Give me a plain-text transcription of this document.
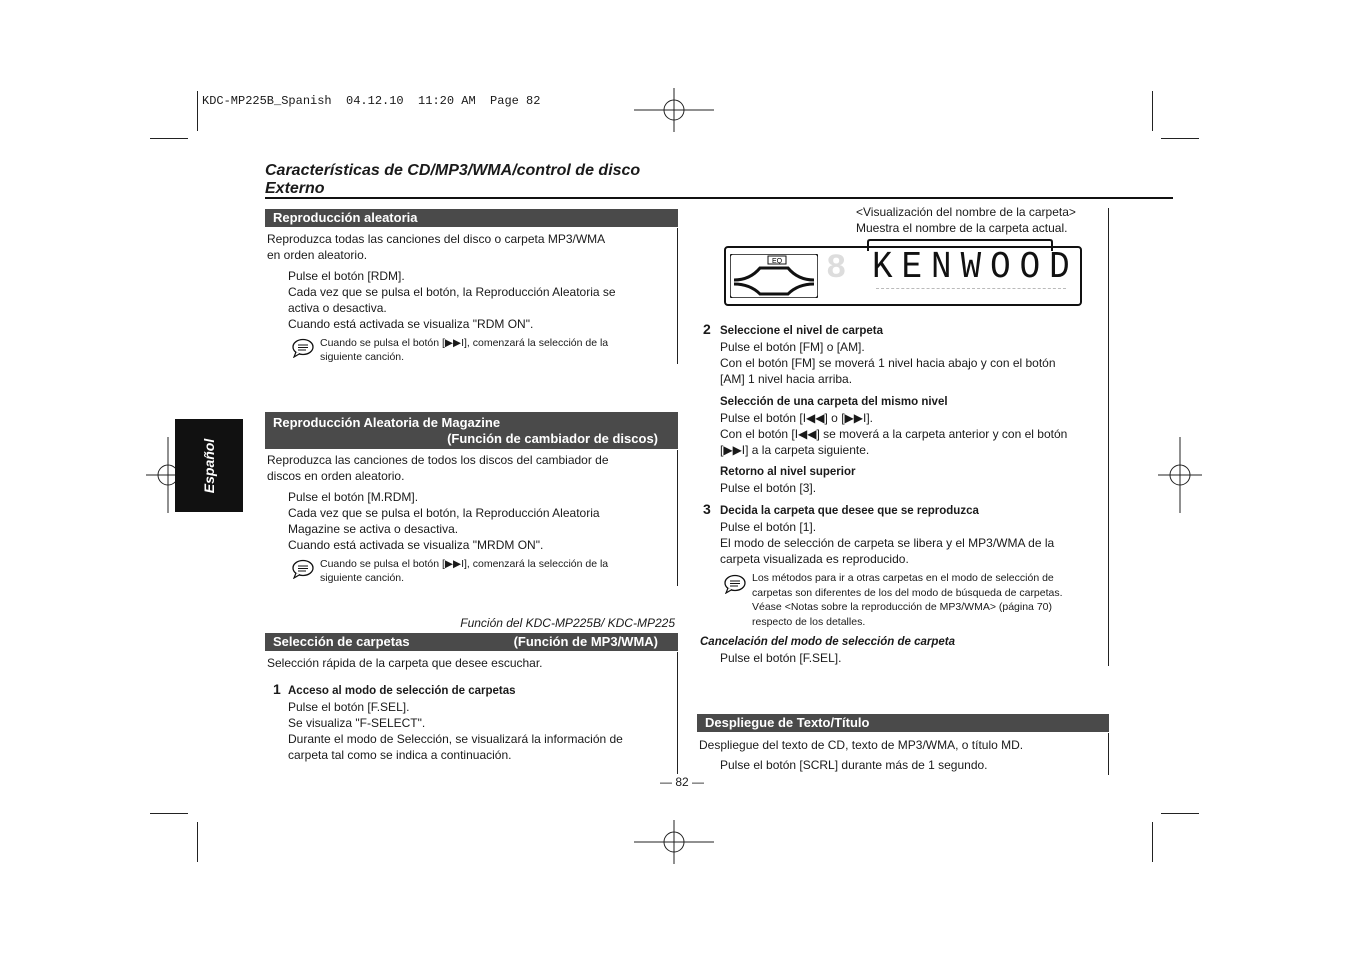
KDC-MP225B_Spanish  04.12.10  11:20 AM  Page 82
Características de CD/MP3/WMA/control de disco
Externo
Español
Reproducción aleatoria
Reproduzca todas las canciones del disco o carpeta MP3/WMA
en orden aleatorio.
Pulse el botón [RDM].
Cada vez que se pulsa el botón, la Reproducción Aleatoria se
activa o desactiva.
Cuando está activada se visualiza "RDM ON".
Cuando se pulsa el botón [▶▶I], comenzará la selección de la
siguiente canción.
Reproducción Aleatoria de Magazine
(Función de cambiador de discos)
Reproduzca las canciones de todos los discos del cambiador de
discos en orden aleatorio.
Pulse el botón [M.RDM].
Cada vez que se pulsa el botón, la Reproducción Aleatoria
Magazine se activa o desactiva.
Cuando está activada se visualiza "MRDM ON".
Cuando se pulsa el botón [▶▶I], comenzará la selección de la
siguiente canción.
Función del KDC-MP225B/ KDC-MP225
Selección de carpetas	(Función de MP3/WMA)
Selección rápida de la carpeta que desee escuchar.
1 Acceso al modo de selección de carpetas
Pulse el botón [F.SEL].
Se visualiza "F-SELECT".
Durante el modo de Selección, se visualizará la información de
carpeta tal como se indica a continuación.
<Visualización del nombre de la carpeta>
Muestra el nombre de la carpeta actual.
EQ 8 KENWOOD
2 Seleccione el nivel de carpeta
Pulse el botón [FM] o [AM].
Con el botón [FM] se moverá 1 nivel hacia abajo y con el botón
[AM] 1 nivel hacia arriba.
Selección de una carpeta del mismo nivel
Pulse el botón [I◀◀] o [▶▶I].
Con el botón [I◀◀] se moverá a la carpeta anterior y con el botón
[▶▶I] a la carpeta siguiente.
Retorno al nivel superior
Pulse el botón [3].
3 Decida la carpeta que desee que se reproduzca
Pulse el botón [1].
El modo de selección de carpeta se libera y el MP3/WMA de la
carpeta visualizada es reproducido.
Los métodos para ir a otras carpetas en el modo de selección de
carpetas son diferentes de los del modo de búsqueda de carpetas.
Véase <Notas sobre la reproducción de MP3/WMA> (página 70)
respecto de los detalles.
Cancelación del modo de selección de carpeta
Pulse el botón [F.SEL].
Despliegue de Texto/Título
Despliegue del texto de CD, texto de MP3/WMA, o título MD.
Pulse el botón [SCRL] durante más de 1 segundo.
— 82 —
